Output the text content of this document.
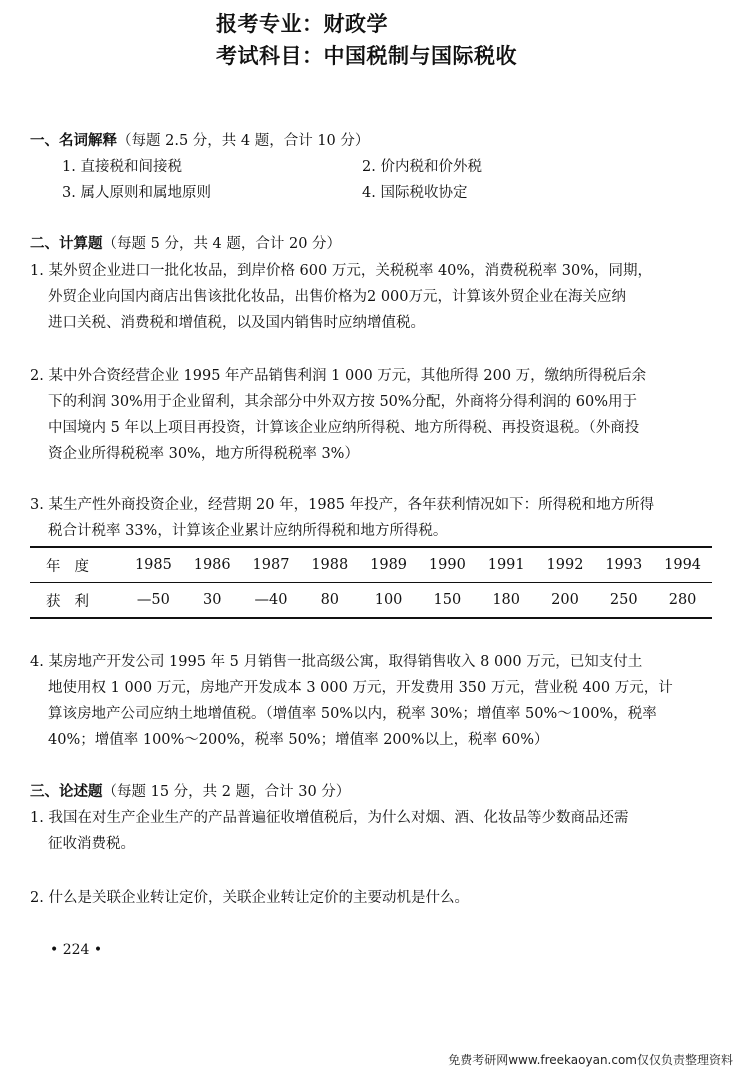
报考专业：财政学
考试科目：中国税制与国际税收
一、名词解释（每题 2.5 分，共 4 题，合计 10 分）
1. 直接税和间接税	2. 价内税和价外税
3. 属人原则和属地原则	4. 国际税收协定
二、计算题（每题 5 分，共 4 题，合计 20 分）
1. 某外贸企业进口一批化妆品，到岸价格 600 万元，关税税率 40%，消费税税率 30%，同期，
外贸企业向国内商店出售该批化妆品，出售价格为2 000万元，计算该外贸企业在海关应纳
进口关税、消费税和增值税，以及国内销售时应纳增值税。
2. 某中外合资经营企业 1995 年产品销售利润 1 000 万元，其他所得 200 万，缴纳所得税后余
下的利润 30%用于企业留利，其余部分中外双方按 50%分配，外商将分得利润的 60%用于
中国境内 5 年以上项目再投资，计算该企业应纳所得税、地方所得税、再投资退税。（外商投
资企业所得税税率 30%，地方所得税税率 3%）
3. 某生产性外商投资企业，经营期 20 年，1985 年投产，各年获利情况如下：所得税和地方所得
税合计税率 33%，计算该企业累计应纳所得税和地方所得税。
年度	1985	1986	1987	1988	1989	1990	1991	1992	1993	1994
获利	—50	30	—40	80	100	150	180	200	250	280
4. 某房地产开发公司 1995 年 5 月销售一批高级公寓，取得销售收入 8 000 万元，已知支付土
地使用权 1 000 万元，房地产开发成本 3 000 万元，开发费用 350 万元，营业税 400 万元，计
算该房地产公司应纳土地增值税。（增值率 50%以内，税率 30%；增值率 50%～100%，税率
40%；增值率 100%～200%，税率 50%；增值率 200%以上，税率 60%）
三、论述题（每题 15 分，共 2 题，合计 30 分）
1. 我国在对生产企业生产的产品普遍征收增值税后，为什么对烟、酒、化妆品等少数商品还需
征收消费税。
2. 什么是关联企业转让定价，关联企业转让定价的主要动机是什么。
• 224 •
免费考研网www.freekaoyan.com仅仅负责整理资料
